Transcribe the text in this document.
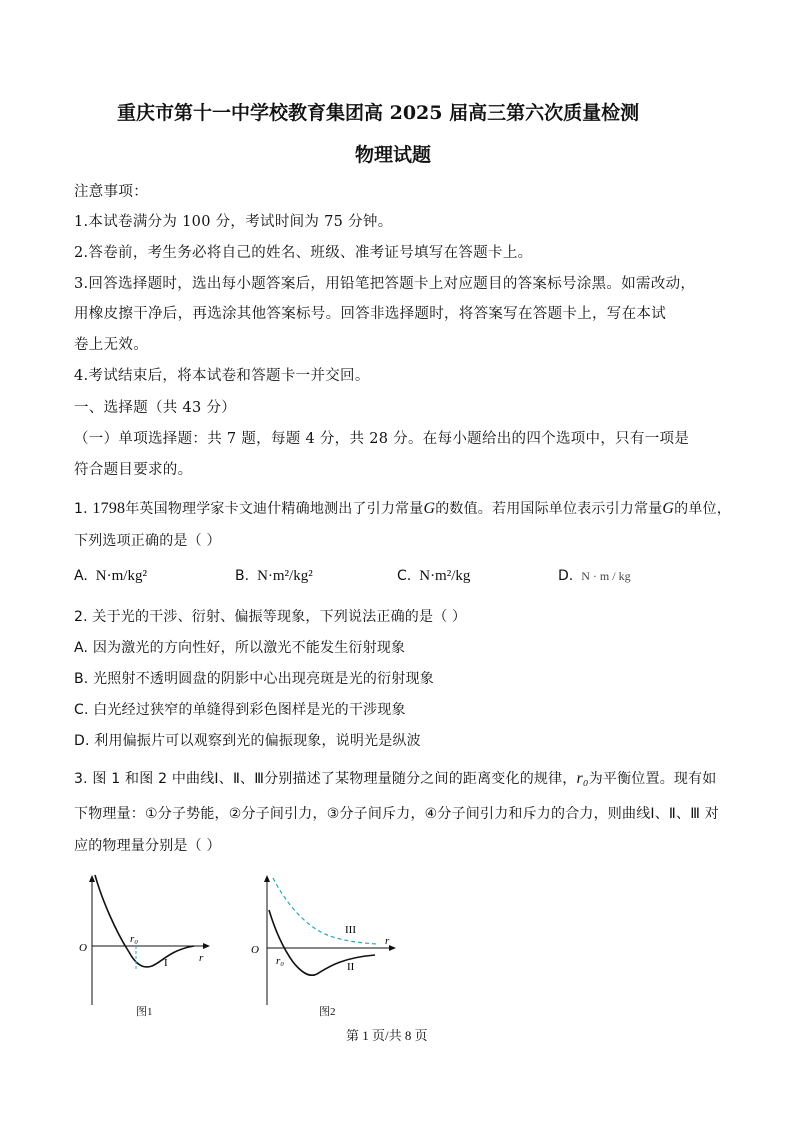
重庆市第十一中学校教育集团高 2025 届高三第六次质量检测
物理试题
注意事项：
1.本试卷满分为 100 分，考试时间为 75 分钟。
2.答卷前，考生务必将自己的姓名、班级、准考证号填写在答题卡上。
3.回答选择题时，选出每小题答案后，用铅笔把答题卡上对应题目的答案标号涂黑。如需改动，
用橡皮擦干净后，再选涂其他答案标号。回答非选择题时，将答案写在答题卡上，写在本试
卷上无效。
4.考试结束后，将本试卷和答题卡一并交回。
一、选择题（共 43 分）
（一）单项选择题：共 7 题，每题 4 分，共 28 分。在每小题给出的四个选项中，只有一项是
符合题目要求的。
1. 1798年英国物理学家卡文迪什精确地测出了引力常量G的数值。若用国际单位表示引力常量G的单位，
下列选项正确的是（ ）
A. N·m/kg²	B. N·m²/kg²	C. N·m²/kg	D. N · m / kg
2. 关于光的干涉、衍射、偏振等现象，下列说法正确的是（ ）
A. 因为激光的方向性好，所以激光不能发生衍射现象
B. 光照射不透明圆盘的阴影中心出现亮斑是光的衍射现象
C. 白光经过狭窄的单缝得到彩色图样是光的干涉现象
D. 利用偏振片可以观察到光的偏振现象，说明光是纵波
3. 图 1 和图 2 中曲线Ⅰ、Ⅱ、Ⅲ分别描述了某物理量随分之间的距离变化的规律，r₀为平衡位置。现有如
下物理量：①分子势能，②分子间引力，③分子间斥力，④分子间引力和斥力的合力，则曲线Ⅰ、Ⅱ、Ⅲ 对
应的物理量分别是（ ）
O
r₀
r
I
图1
O
r₀
r
II
III
图2
第 1 页/共 8 页
